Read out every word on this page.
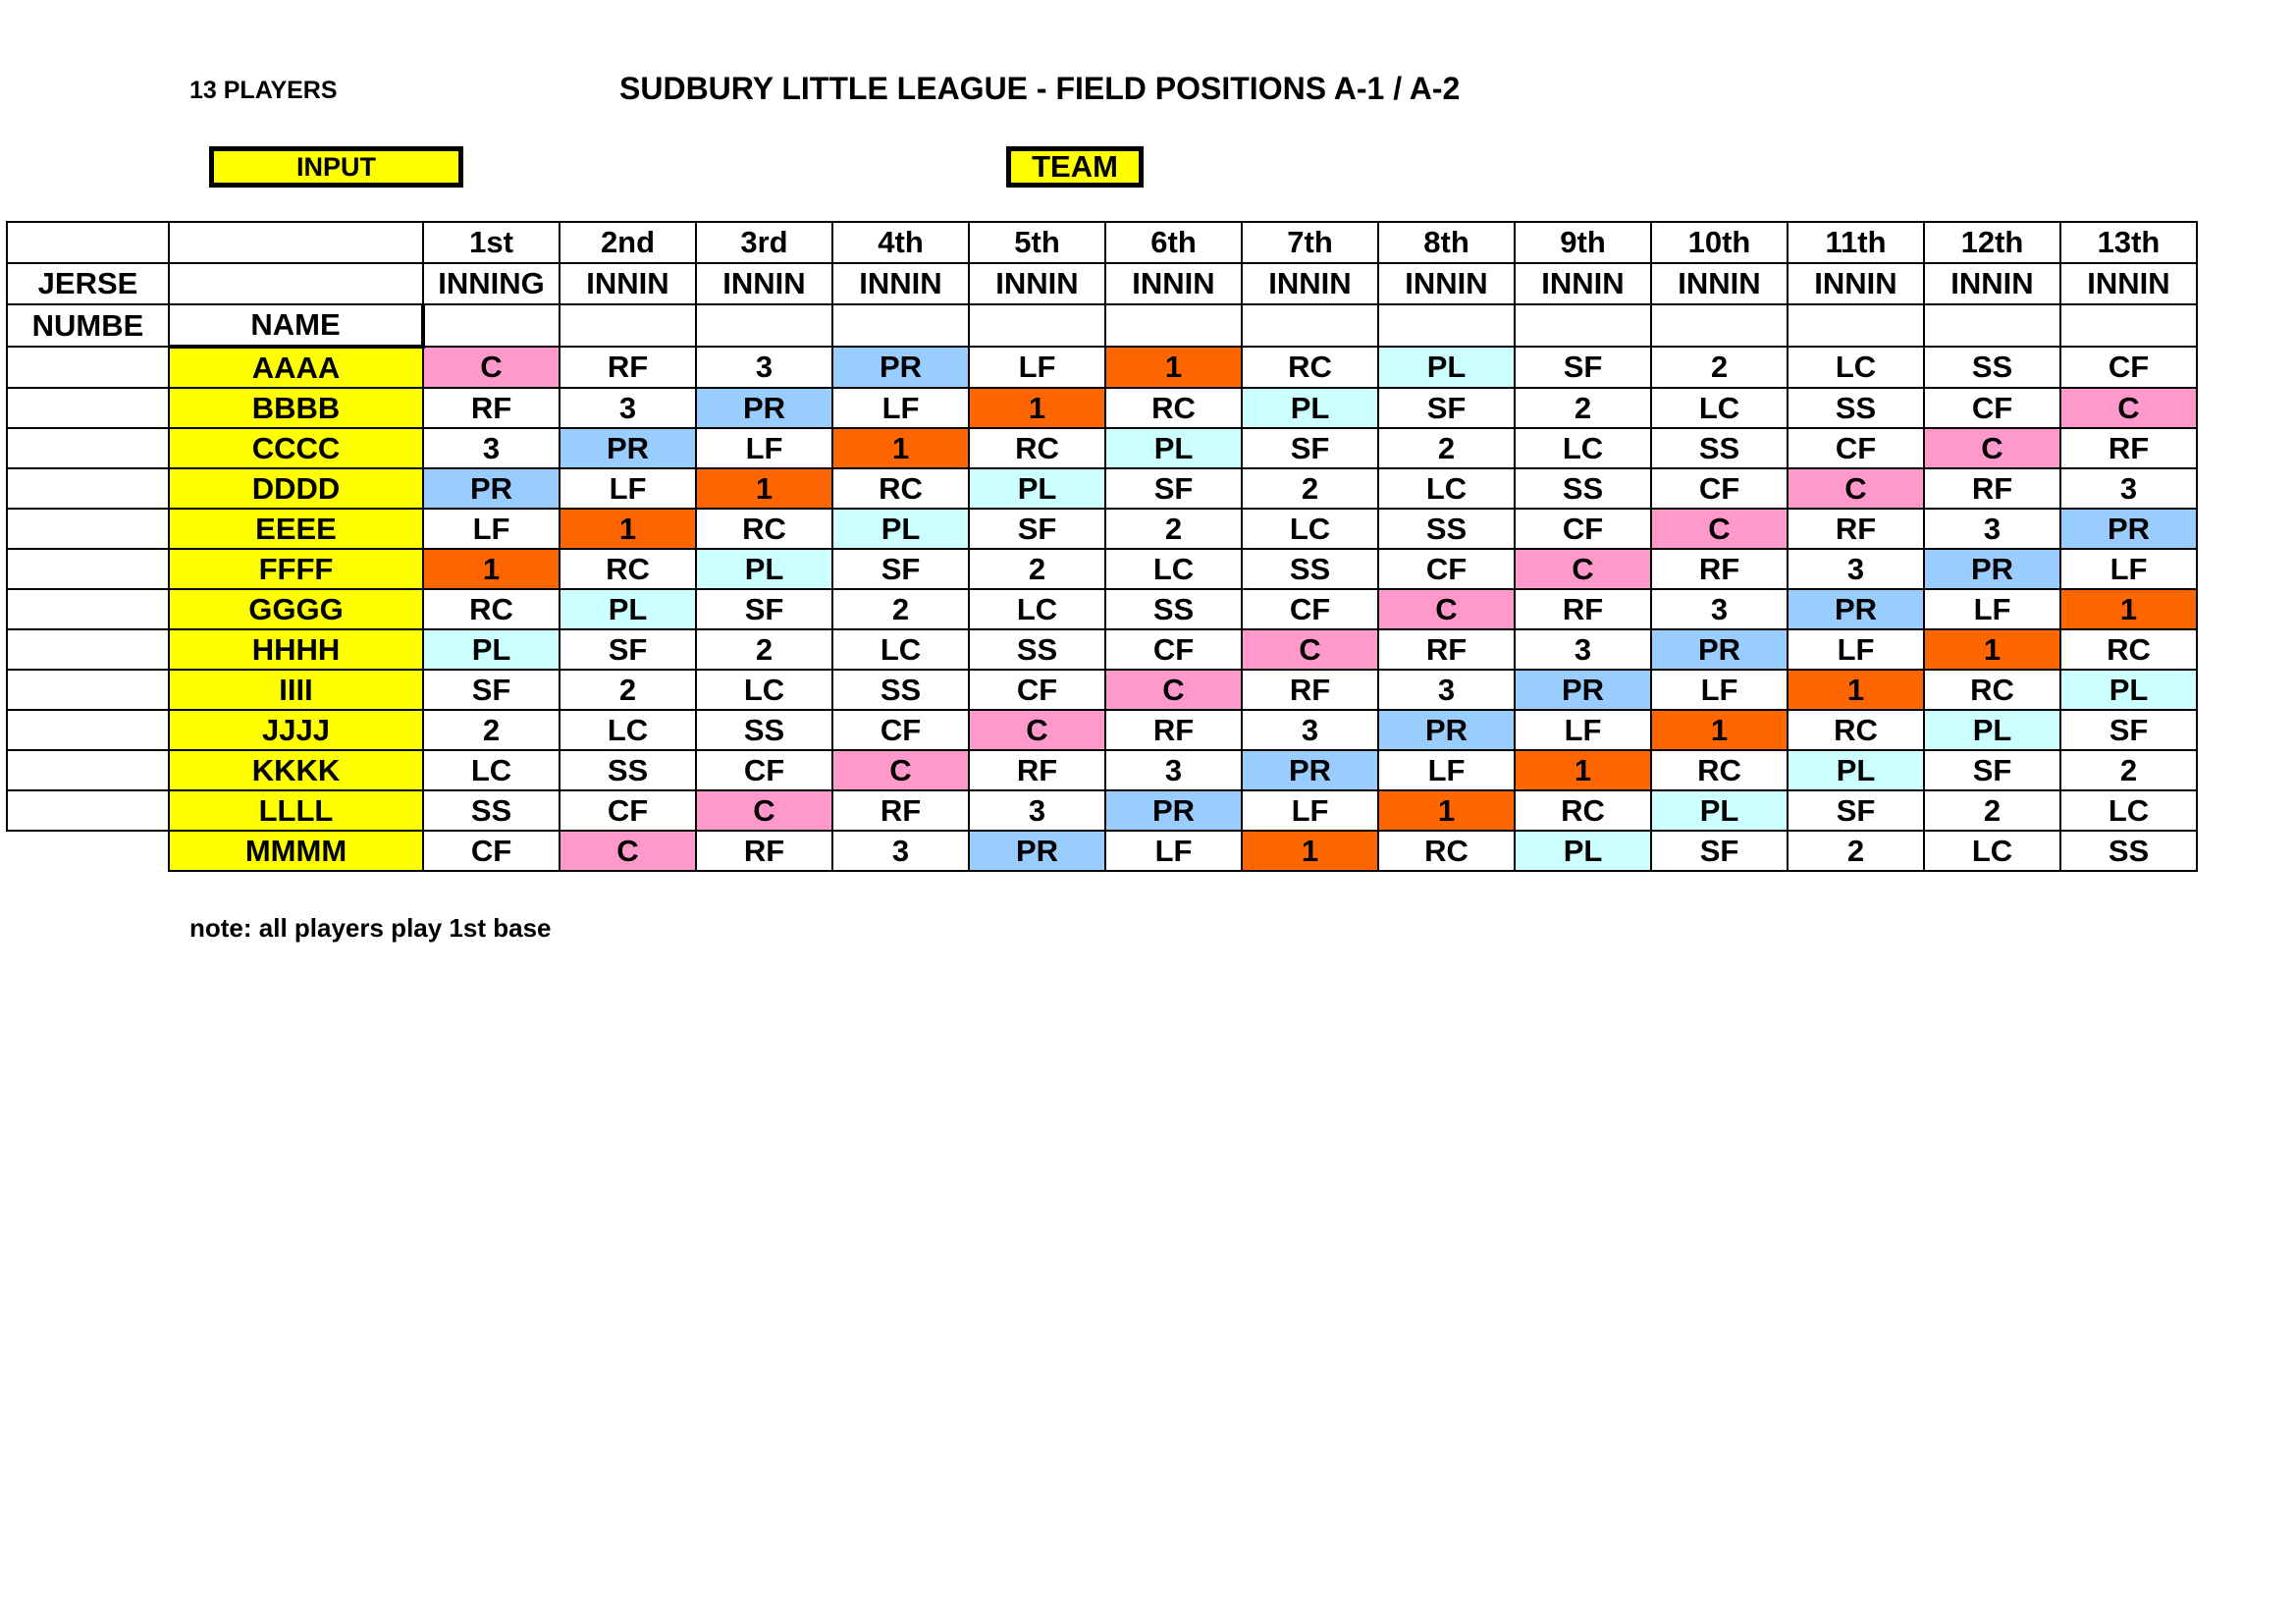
13 PLAYERS	SUDBURY LITTLE LEAGUE - FIELD POSITIONS A-1 / A-2
INPUT	TEAM
		1st	2nd	3rd	4th	5th	6th	7th	8th	9th	10th	11th	12th	13th
JERSE		INNING	INNIN	INNIN	INNIN	INNIN	INNIN	INNIN	INNIN	INNIN	INNIN	INNIN	INNIN	INNIN
NUMBE	NAME													
	AAAA	C	RF	3	PR	LF	1	RC	PL	SF	2	LC	SS	CF
	BBBB	RF	3	PR	LF	1	RC	PL	SF	2	LC	SS	CF	C
	CCCC	3	PR	LF	1	RC	PL	SF	2	LC	SS	CF	C	RF
	DDDD	PR	LF	1	RC	PL	SF	2	LC	SS	CF	C	RF	3
	EEEE	LF	1	RC	PL	SF	2	LC	SS	CF	C	RF	3	PR
	FFFF	1	RC	PL	SF	2	LC	SS	CF	C	RF	3	PR	LF
	GGGG	RC	PL	SF	2	LC	SS	CF	C	RF	3	PR	LF	1
	HHHH	PL	SF	2	LC	SS	CF	C	RF	3	PR	LF	1	RC
	IIII	SF	2	LC	SS	CF	C	RF	3	PR	LF	1	RC	PL
	JJJJ	2	LC	SS	CF	C	RF	3	PR	LF	1	RC	PL	SF
	KKKK	LC	SS	CF	C	RF	3	PR	LF	1	RC	PL	SF	2
	LLLL	SS	CF	C	RF	3	PR	LF	1	RC	PL	SF	2	LC
	MMMM	CF	C	RF	3	PR	LF	1	RC	PL	SF	2	LC	SS
note: all players play 1st base
